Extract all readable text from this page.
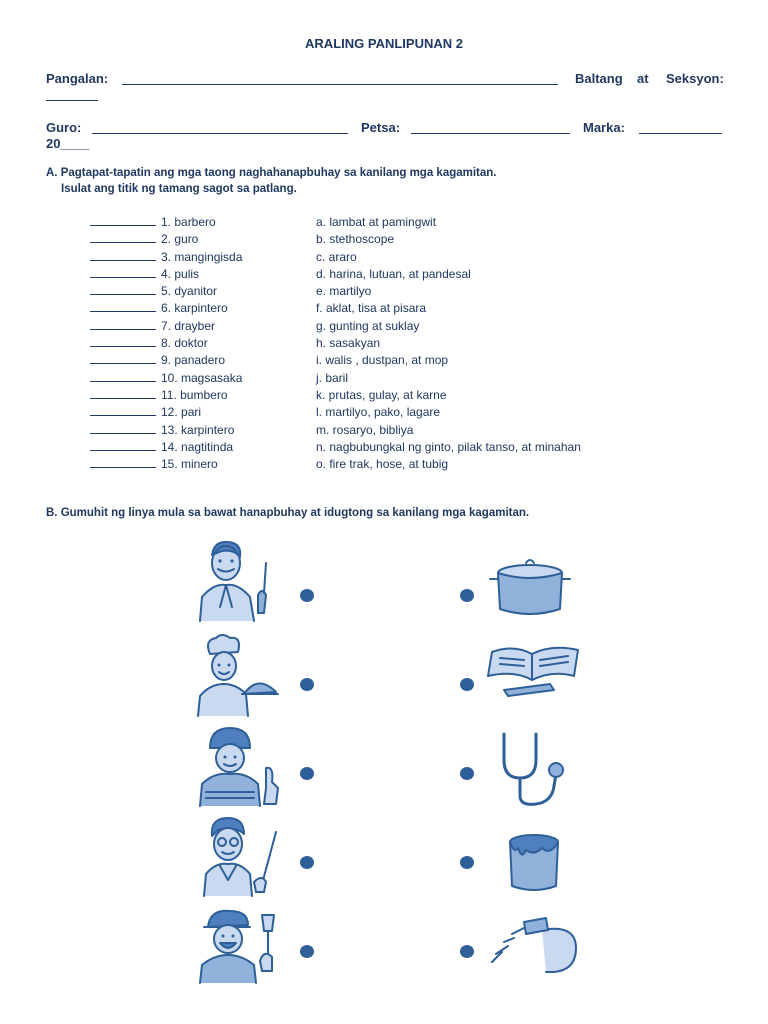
ARALING PANLIPUNAN 2
Pangalan:	Baltang at Seksyon:
Guro:	Petsa:	Marka:
20____
A. Pagtapat-tapatin ang mga taong naghahanapbuhay sa kanilang mga kagamitan.
Isulat ang titik ng tamang sagot sa patlang.
1. barbero	a. lambat at pamingwit
2. guro	b. stethoscope
3. mangingisda	c. araro
4. pulis	d. harina, lutuan, at pandesal
5. dyanitor	e. martilyo
6. karpintero	f. aklat, tisa at pisara
7. drayber	g. gunting at suklay
8. doktor	h. sasakyan
9. panadero	i. walis , dustpan, at mop
10. magsasaka	j. baril
11. bumbero	k. prutas, gulay, at karne
12. pari	l. martilyo, pako, lagare
13. karpintero	m. rosaryo, bibliya
14. nagtitinda	n. nagbubungkal ng ginto, pilak tanso, at minahan
15. minero	o. fire trak, hose, at tubig
B. Gumuhit ng linya mula sa bawat hanapbuhay at idugtong sa kanilang mga kagamitan.
